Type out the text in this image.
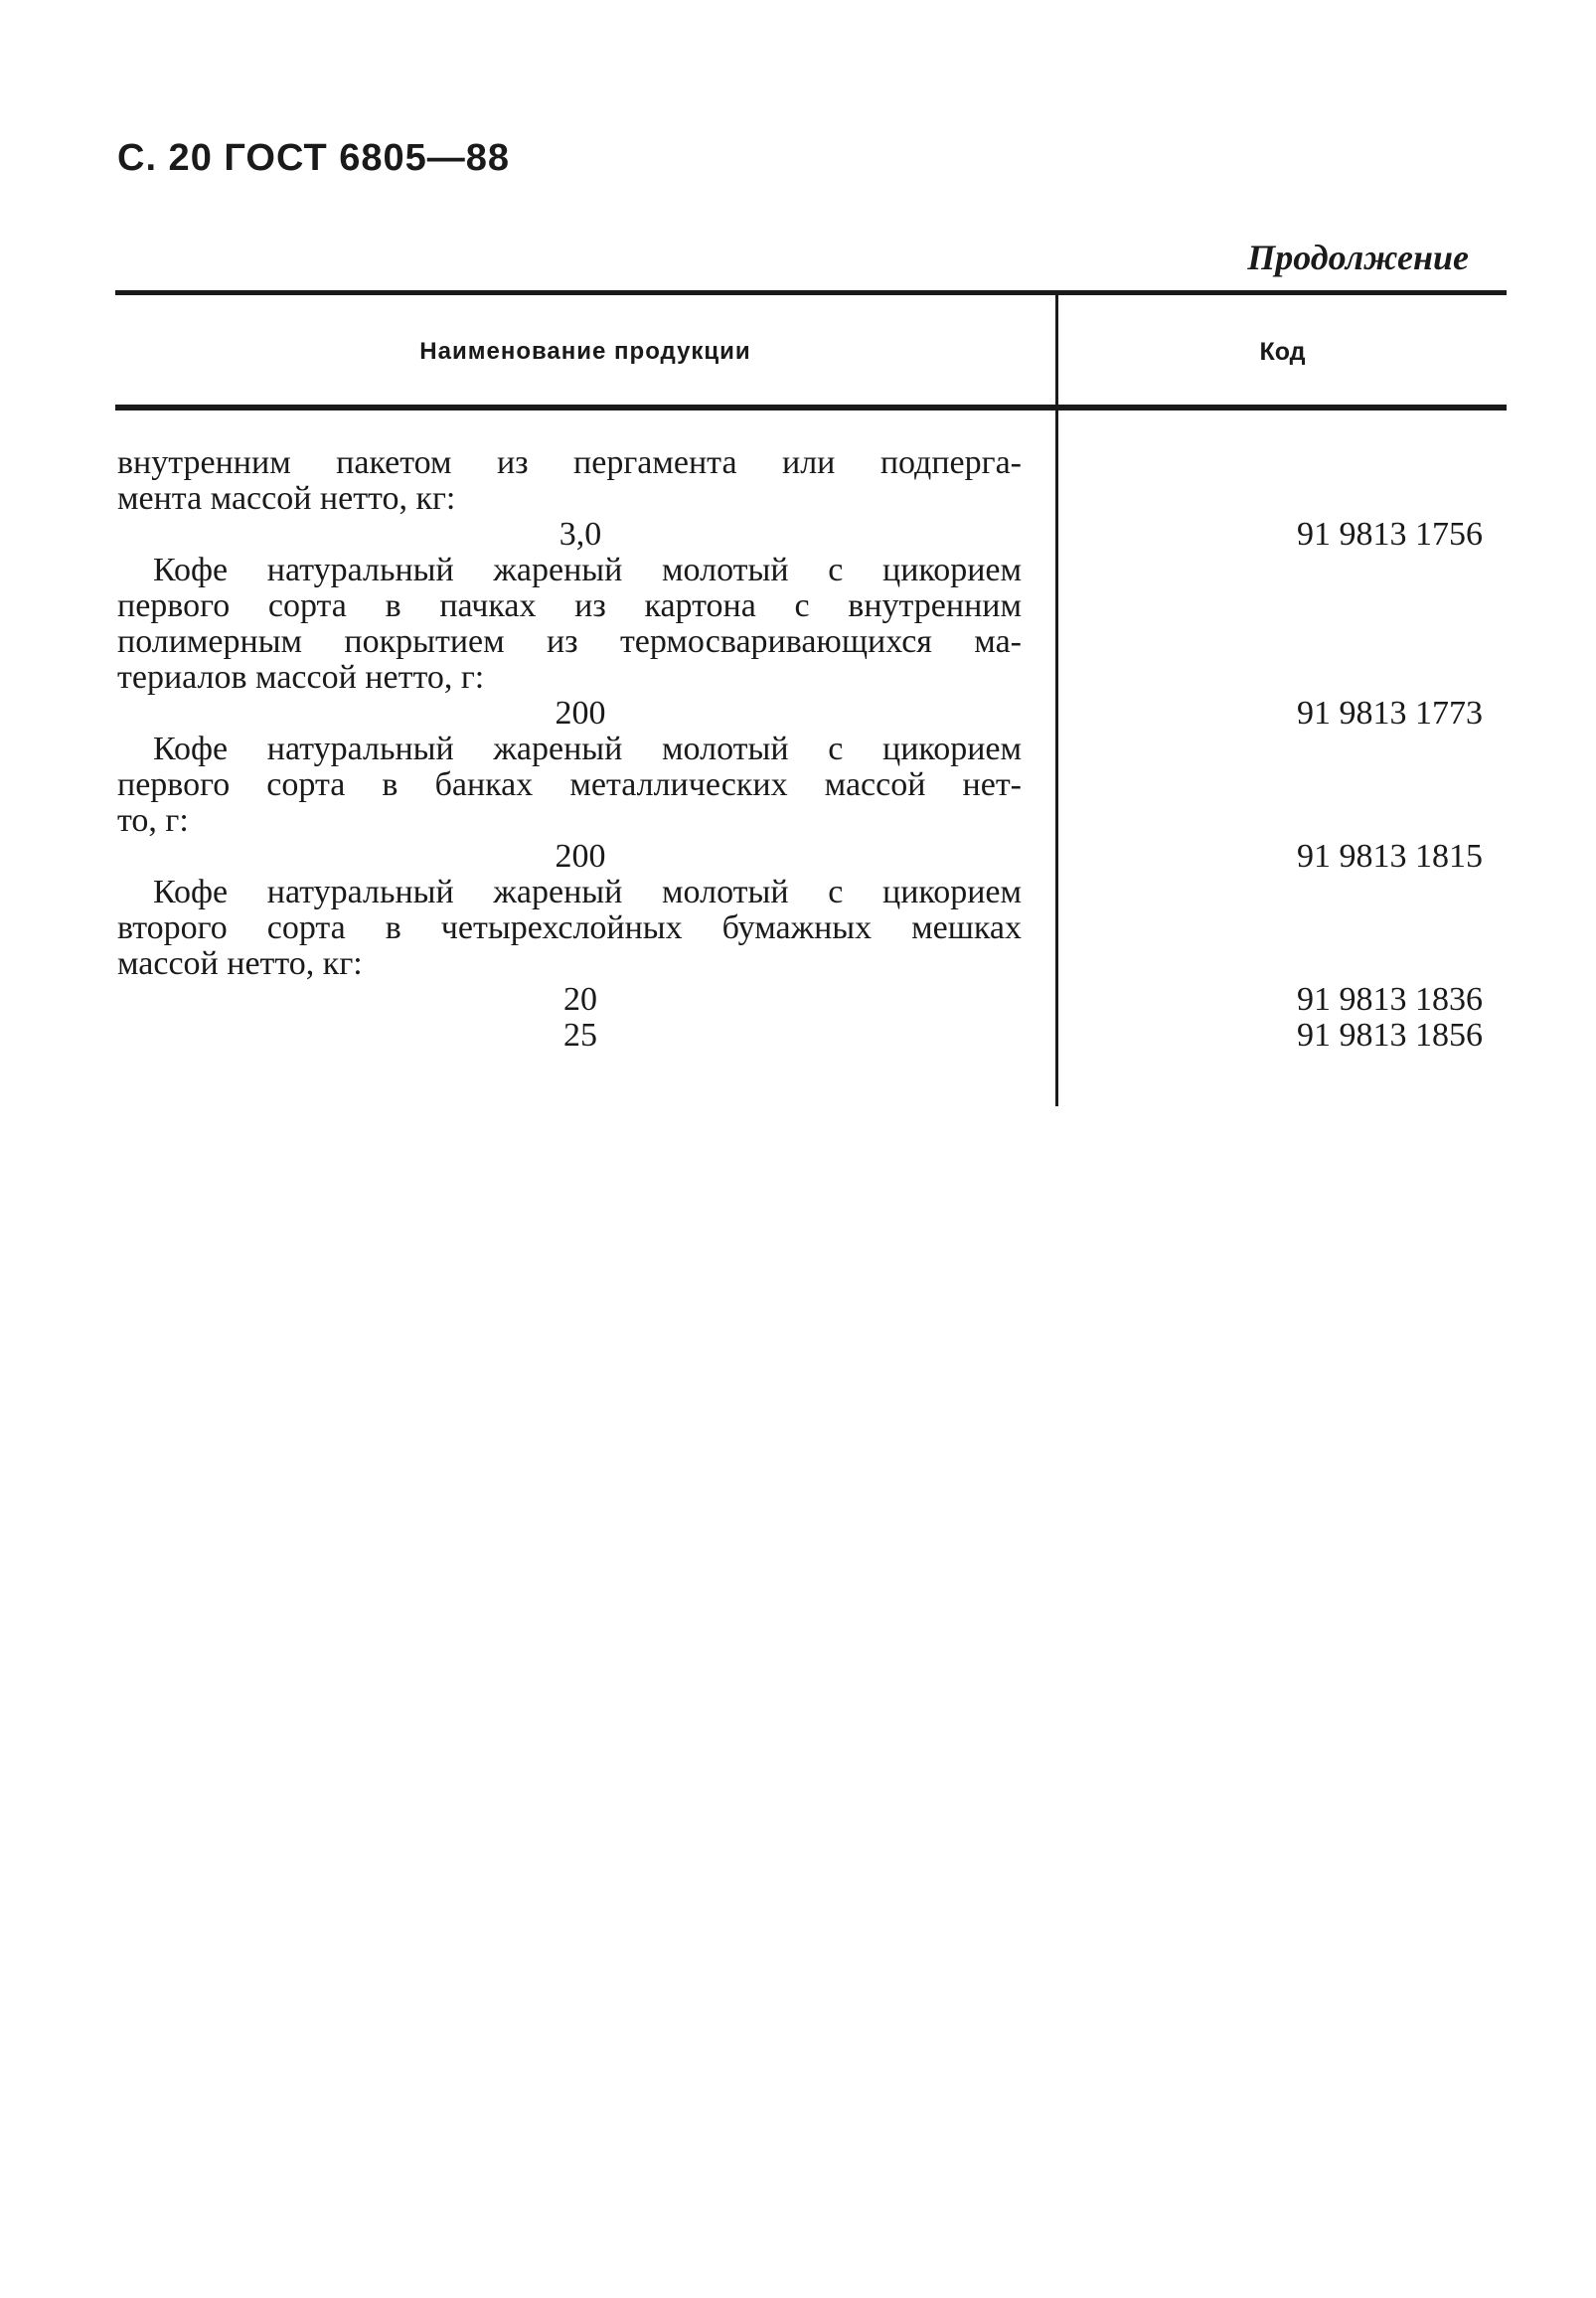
С. 20 ГОСТ 6805—88
Продолжение
Наименование продукции	Код
внутренним пакетом из пергамента или подперга-
мента массой нетто, кг:
3,0	91 9813 1756
Кофе натуральный жареный молотый с цикорием
первого сорта в пачках из картона с внутренним
полимерным покрытием из термосваривающихся ма-
териалов массой нетто, г:
200	91 9813 1773
Кофе натуральный жареный молотый с цикорием
первого сорта в банках металлических массой нет-
то, г:
200	91 9813 1815
Кофе натуральный жареный молотый с цикорием
второго сорта в четырехслойных бумажных мешках
массой нетто, кг:
20	91 9813 1836
25	91 9813 1856
